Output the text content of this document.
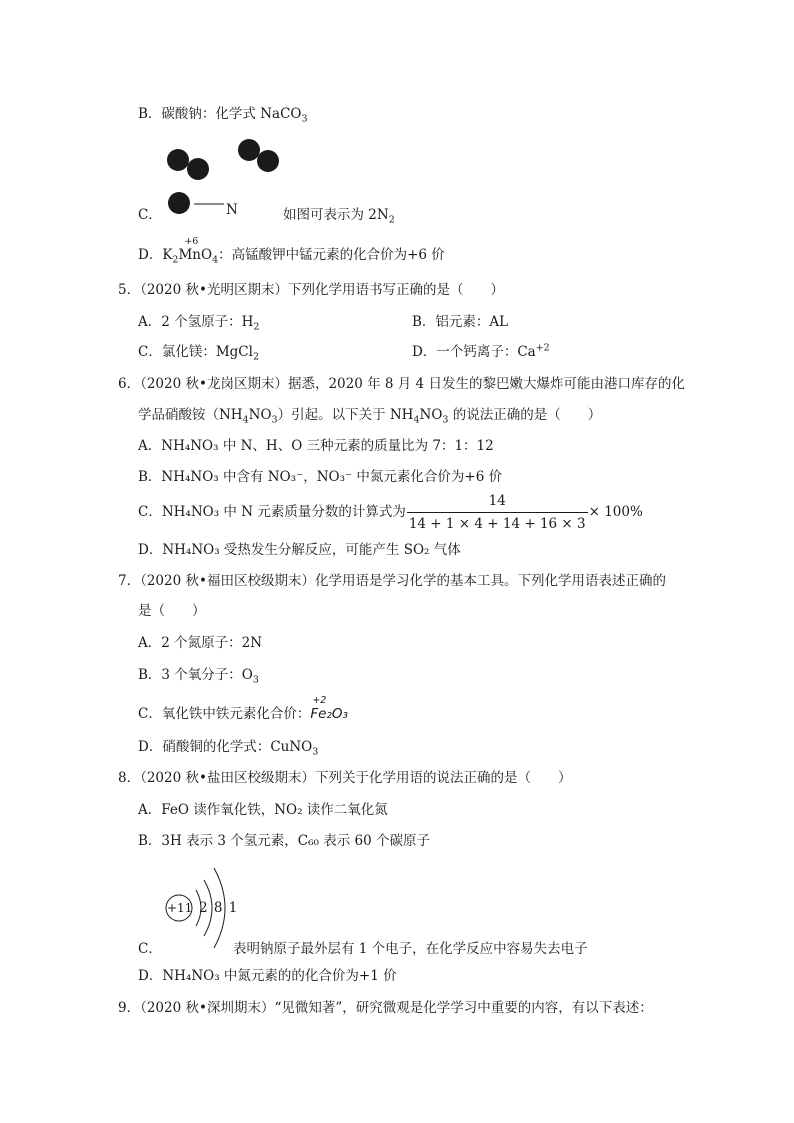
B．碳酸钠：化学式 NaCO$_3$
N
C．	如图可表示为 $2N_2$
D．$K_2$
+6
MnO$_4$：高锰酸钾中锰元素的化合价为+6 价
5．（2020 秋•光明区期末）下列化学用语书写正确的是（　　）
A．2 个氢原子：$H_2$	B．铝元素：AL
C．氯化镁：MgCl$_2$	D．一个钙离子：$Ca^{+2}$
6．（2020 秋•龙岗区期末）据悉，2020 年 8 月 4 日发生的黎巴嫩大爆炸可能由港口库存的化
学品硝酸铵$(NH_4NO_3)$引起。以下关于 $NH_4NO_3$ 的说法正确的是（　　）
A．NH₄NO₃ 中 N、H、O 三种元素的质量比为 7：1：12
B．NH₄NO₃ 中含有 NO₃⁻，NO₃⁻ 中氮元素化合价为+6 价
C．NH₄NO₃ 中 N 元素质量分数的计算式为 $\frac{14}{14 + 1 \times 4 + 14 + 16 \times 3} \times 100\%$
D．NH₄NO₃ 受热发生分解反应，可能产生 SO₂ 气体
7．（2020 秋•福田区校级期末）化学用语是学习化学的基本工具。下列化学用语表述正确的
是（　　）
A．2 个氮原子：2N
B．3 个氧分子：$O_3$
C．氧化铁中铁元素化合价：
+2
Fe₂O₃
D．硝酸铜的化学式：CuNO$_3$
8．（2020 秋•盐田区校级期末）下列关于化学用语的说法正确的是（　　）
A．FeO 读作氧化铁，NO₂ 读作二氧化氮
B．3H 表示 3 个氢元素，C₆₀ 表示 60 个碳原子
+11 2 8 1
C．	表明钠原子最外层有 1 个电子，在化学反应中容易失去电子
D．NH₄NO₃ 中氮元素的的化合价为+1 价
9．（2020 秋•深圳期末）“见微知著”，研究微观是化学学习中重要的内容，有以下表述：
